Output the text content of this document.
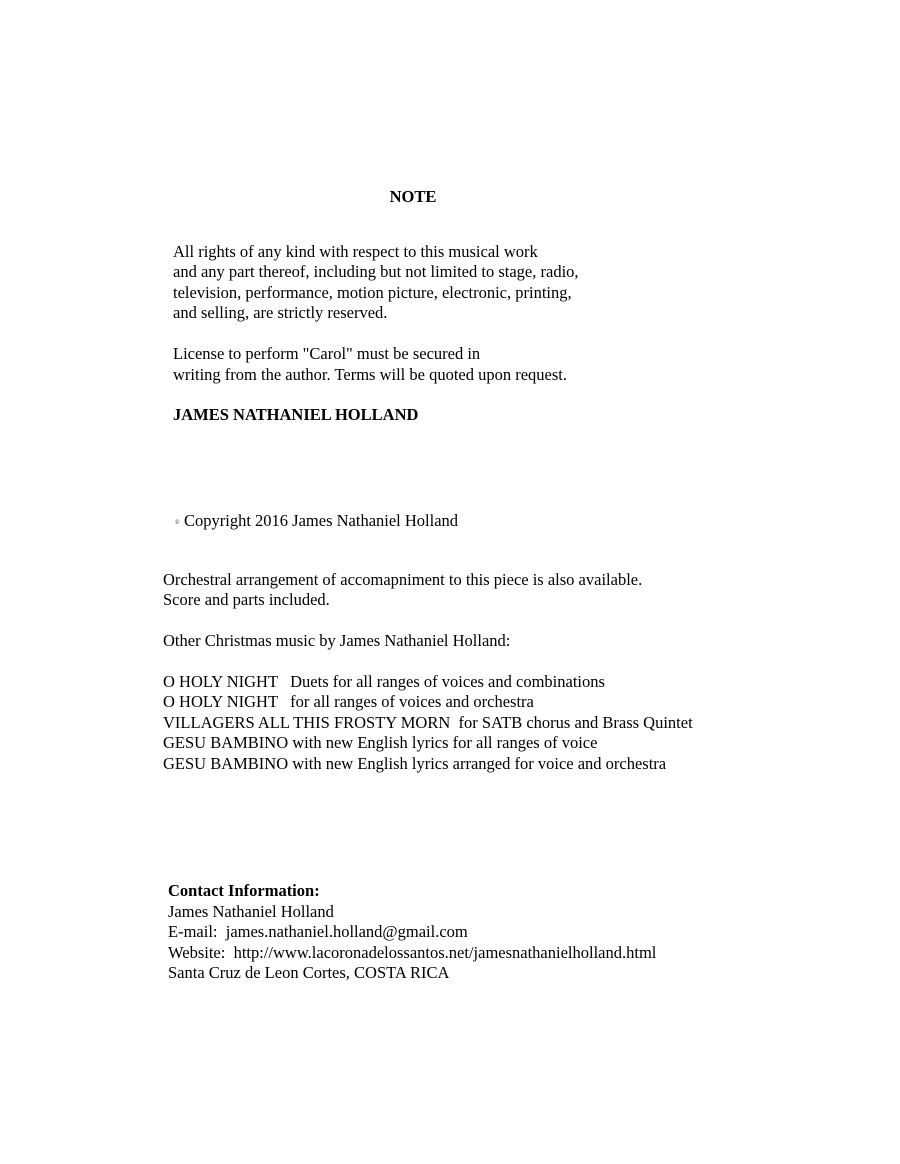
NOTE
All rights of any kind with respect to this musical work
and any part thereof, including but not limited to stage, radio,
television, performance, motion picture, electronic, printing,
and selling, are strictly reserved.
License to perform "Carol" must be secured in
writing from the author. Terms will be quoted upon request.
JAMES NATHANIEL HOLLAND
© Copyright 2016 James Nathaniel Holland
Orchestral arrangement of accomapniment to this piece is also available.
Score and parts included.
Other Christmas music by James Nathaniel Holland:
O HOLY NIGHT   Duets for all ranges of voices and combinations
O HOLY NIGHT   for all ranges of voices and orchestra
VILLAGERS ALL THIS FROSTY MORN  for SATB chorus and Brass Quintet
GESU BAMBINO with new English lyrics for all ranges of voice
GESU BAMBINO with new English lyrics arranged for voice and orchestra
Contact Information:
James Nathaniel Holland
E-mail:  james.nathaniel.holland@gmail.com
Website:  http://www.lacoronadelossantos.net/jamesnathanielholland.html
Santa Cruz de Leon Cortes, COSTA RICA
